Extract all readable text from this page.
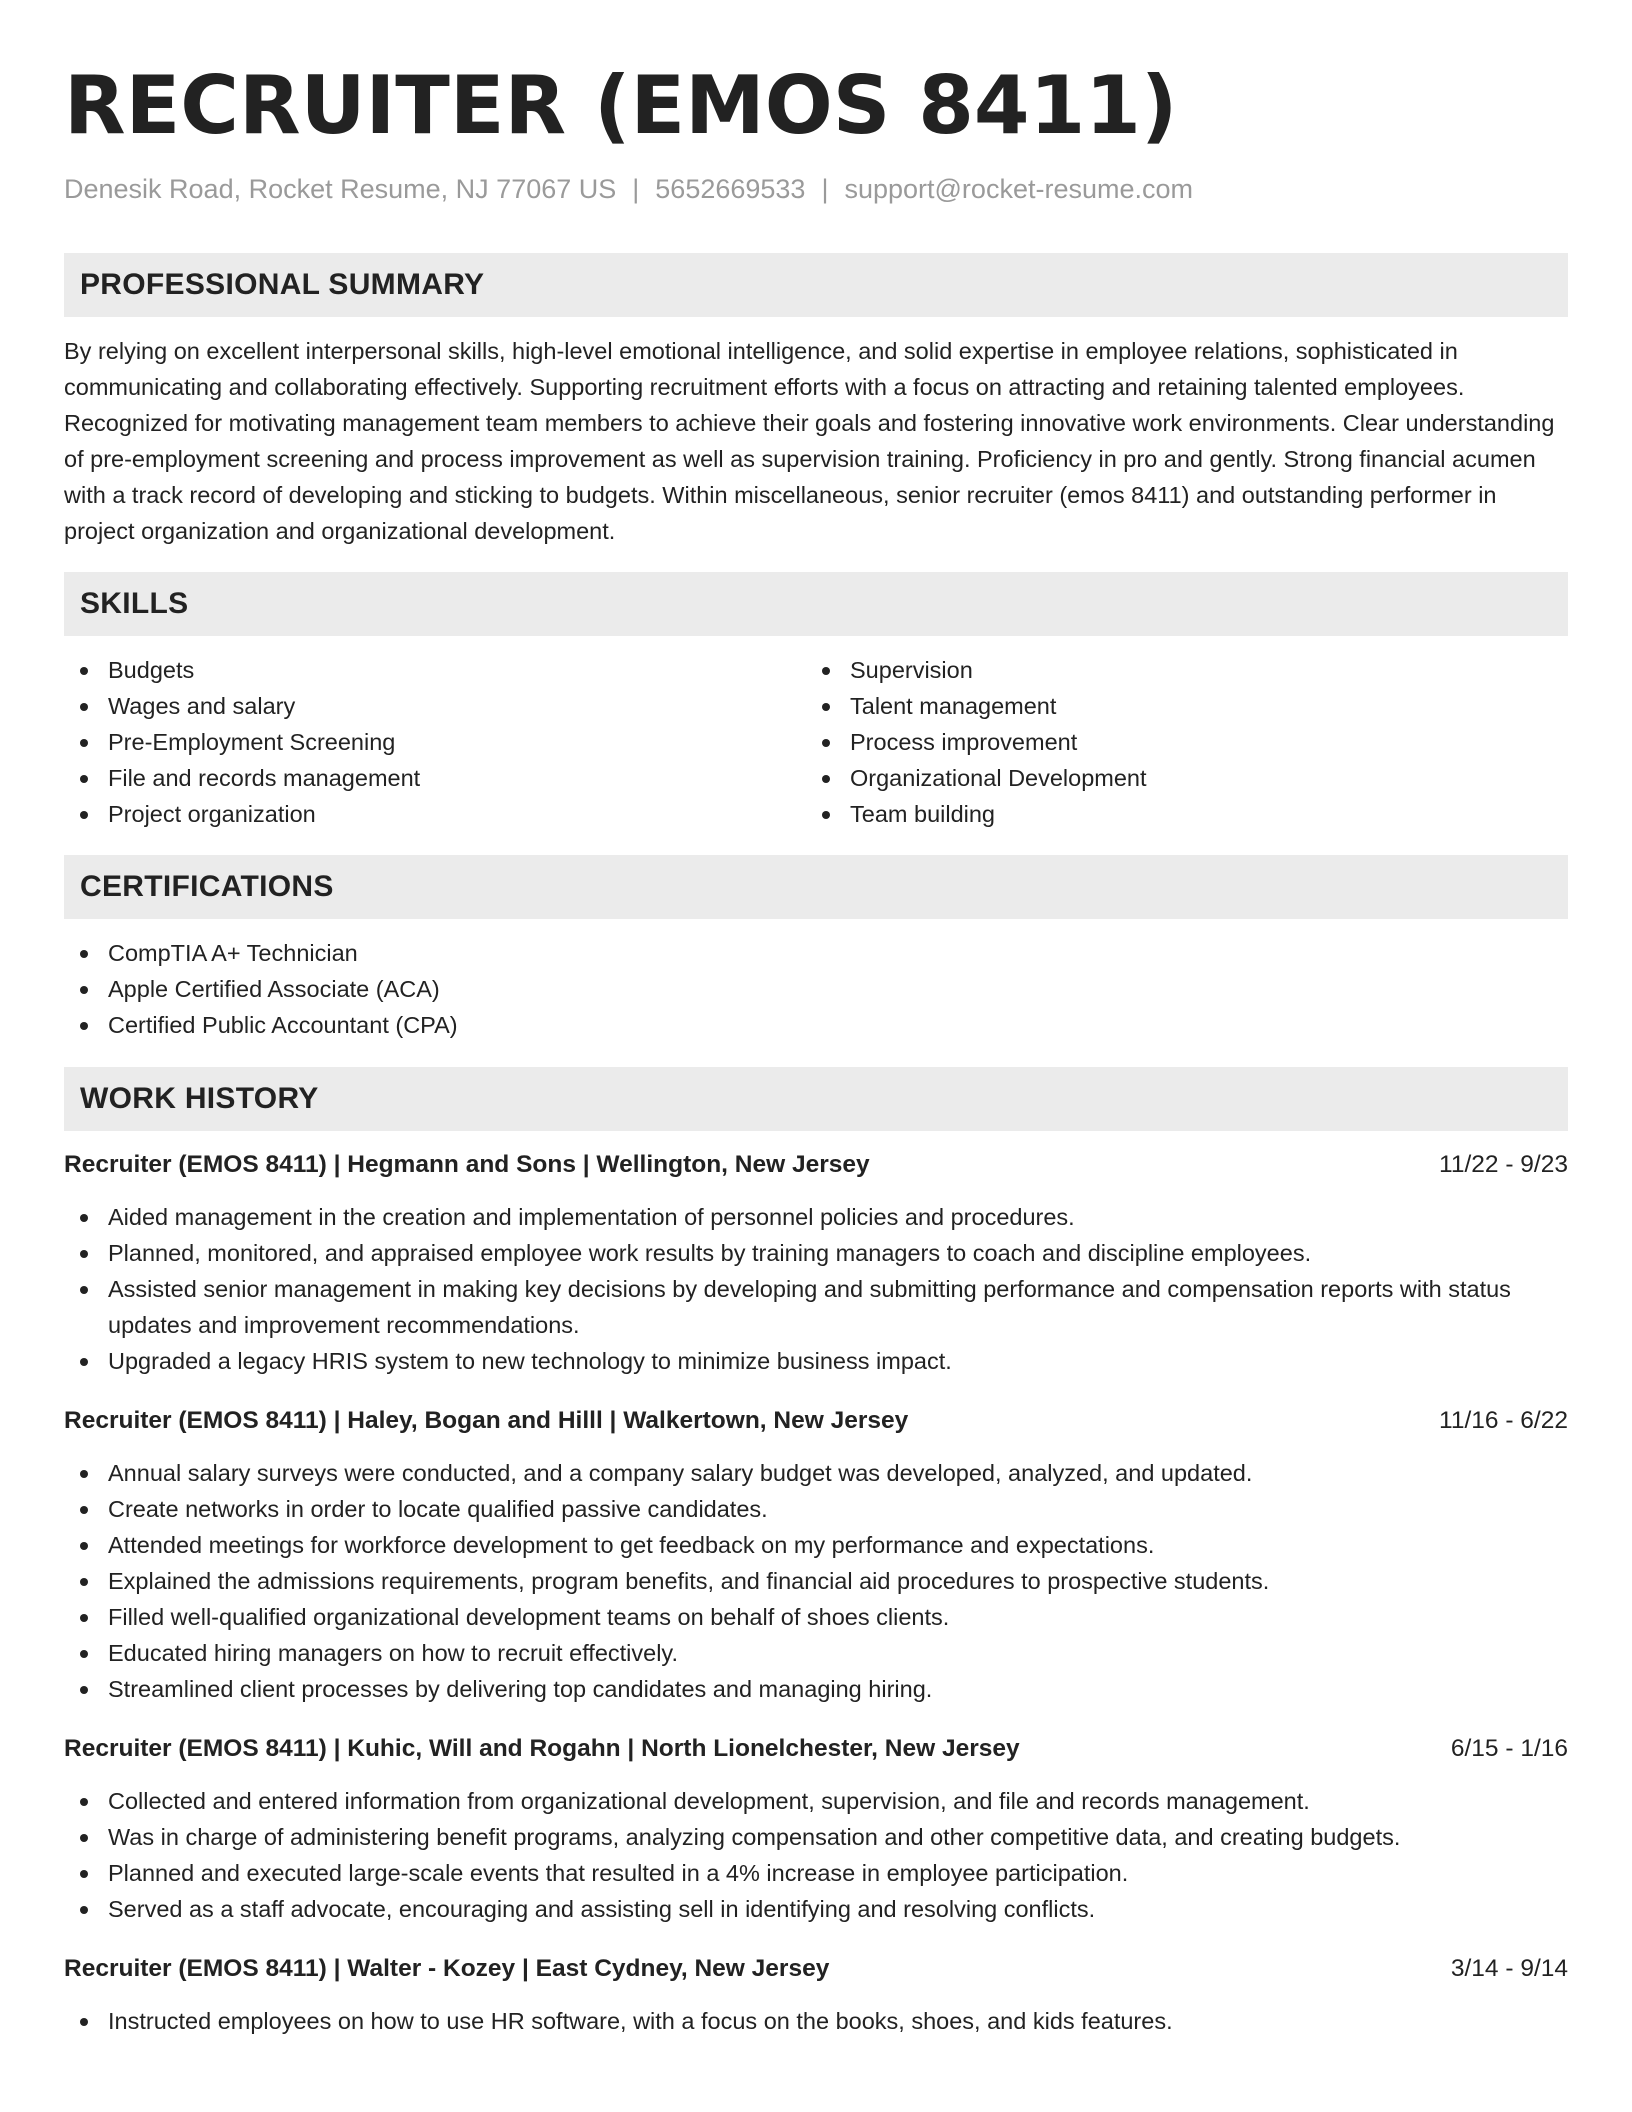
RECRUITER (EMOS 8411)
Denesik Road, Rocket Resume, NJ 77067 US | 5652669533 | support@rocket-resume.com
PROFESSIONAL SUMMARY

By relying on excellent interpersonal skills, high-level emotional intelligence, and solid expertise in employee relations, sophisticated in communicating and collaborating effectively. Supporting recruitment efforts with a focus on attracting and retaining talented employees. Recognized for motivating management team members to achieve their goals and fostering innovative work environments. Clear understanding of pre-employment screening and process improvement as well as supervision training. Proficiency in pro and gently. Strong financial acumen with a track record of developing and sticking to budgets. Within miscellaneous, senior recruiter (emos 8411) and outstanding performer in project organization and organizational development.

SKILLS
Budgets
Wages and salary
Pre-Employment Screening
File and records management
Project organization
Supervision
Talent management
Process improvement
Organizational Development
Team building
CERTIFICATIONS
CompTIA A+ Technician
Apple Certified Associate (ACA)
Certified Public Accountant (CPA)
WORK HISTORY
Recruiter (EMOS 8411) | Hegmann and Sons | Wellington, New Jersey	11/22 - 9/23
Aided management in the creation and implementation of personnel policies and procedures.
Planned, monitored, and appraised employee work results by training managers to coach and discipline employees.
Assisted senior management in making key decisions by developing and submitting performance and compensation reports with status updates and improvement recommendations.
Upgraded a legacy HRIS system to new technology to minimize business impact.
Recruiter (EMOS 8411) | Haley, Bogan and Hilll | Walkertown, New Jersey	11/16 - 6/22
Annual salary surveys were conducted, and a company salary budget was developed, analyzed, and updated.
Create networks in order to locate qualified passive candidates.
Attended meetings for workforce development to get feedback on my performance and expectations.
Explained the admissions requirements, program benefits, and financial aid procedures to prospective students.
Filled well-qualified organizational development teams on behalf of shoes clients.
Educated hiring managers on how to recruit effectively.
Streamlined client processes by delivering top candidates and managing hiring.
Recruiter (EMOS 8411) | Kuhic, Will and Rogahn | North Lionelchester, New Jersey	6/15 - 1/16
Collected and entered information from organizational development, supervision, and file and records management.
Was in charge of administering benefit programs, analyzing compensation and other competitive data, and creating budgets.
Planned and executed large-scale events that resulted in a 4% increase in employee participation.
Served as a staff advocate, encouraging and assisting sell in identifying and resolving conflicts.
Recruiter (EMOS 8411) | Walter - Kozey | East Cydney, New Jersey	3/14 - 9/14
Instructed employees on how to use HR software, with a focus on the books, shoes, and kids features.
